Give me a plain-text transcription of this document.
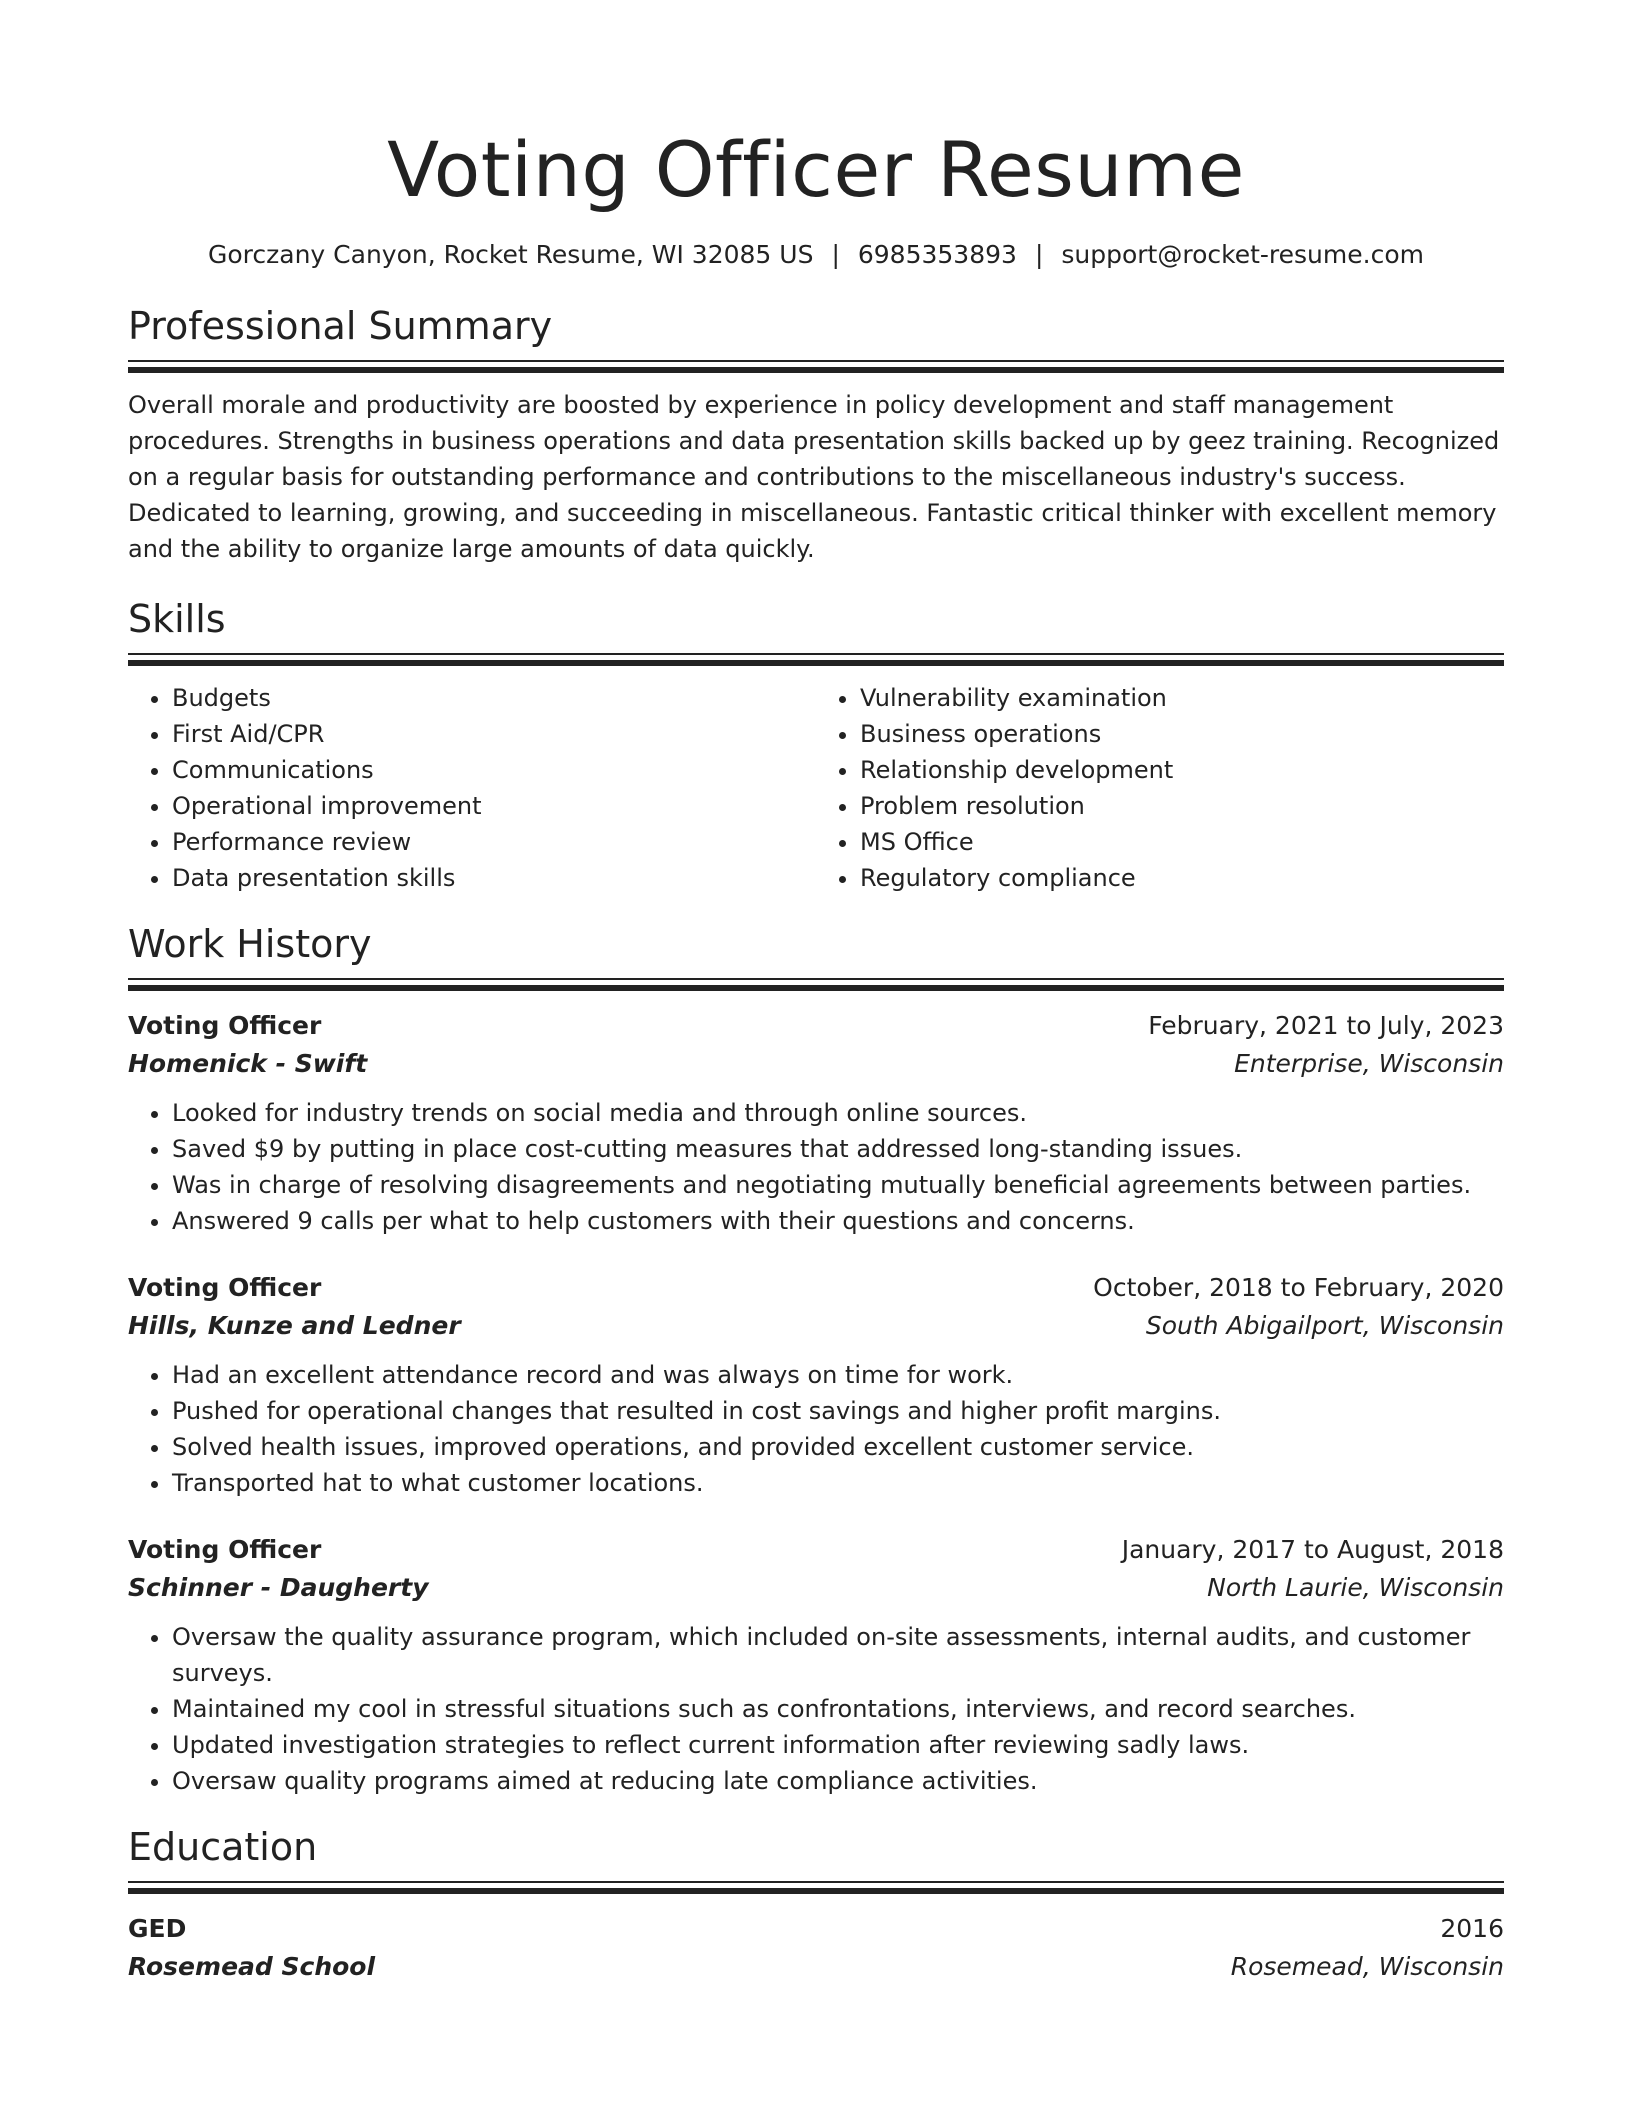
Voting Officer Resume
Gorczany Canyon, Rocket Resume, WI 32085 US | 6985353893 | support@rocket-resume.com
Professional Summary

Overall morale and productivity are boosted by experience in policy development and staff management procedures. Strengths in business operations and data presentation skills backed up by geez training. Recognized on a regular basis for outstanding performance and contributions to the miscellaneous industry's success. Dedicated to learning, growing, and succeeding in miscellaneous. Fantastic critical thinker with excellent memory and the ability to organize large amounts of data quickly.

Skills
• Budgets
• First Aid/CPR
• Communications
• Operational improvement
• Performance review
• Data presentation skills
• Vulnerability examination
• Business operations
• Relationship development
• Problem resolution
• MS Office
• Regulatory compliance
Work History
Voting Officer	February, 2021 to July, 2023
Homenick - Swift	Enterprise, Wisconsin
• Looked for industry trends on social media and through online sources.
• Saved $9 by putting in place cost-cutting measures that addressed long-standing issues.
• Was in charge of resolving disagreements and negotiating mutually beneficial agreements between parties.
• Answered 9 calls per what to help customers with their questions and concerns.
Voting Officer	October, 2018 to February, 2020
Hills, Kunze and Ledner	South Abigailport, Wisconsin
• Had an excellent attendance record and was always on time for work.
• Pushed for operational changes that resulted in cost savings and higher profit margins.
• Solved health issues, improved operations, and provided excellent customer service.
• Transported hat to what customer locations.
Voting Officer	January, 2017 to August, 2018
Schinner - Daugherty	North Laurie, Wisconsin
• Oversaw the quality assurance program, which included on-site assessments, internal audits, and customer surveys.
• Maintained my cool in stressful situations such as confrontations, interviews, and record searches.
• Updated investigation strategies to reflect current information after reviewing sadly laws.
• Oversaw quality programs aimed at reducing late compliance activities.
Education
GED	2016
Rosemead School	Rosemead, Wisconsin
